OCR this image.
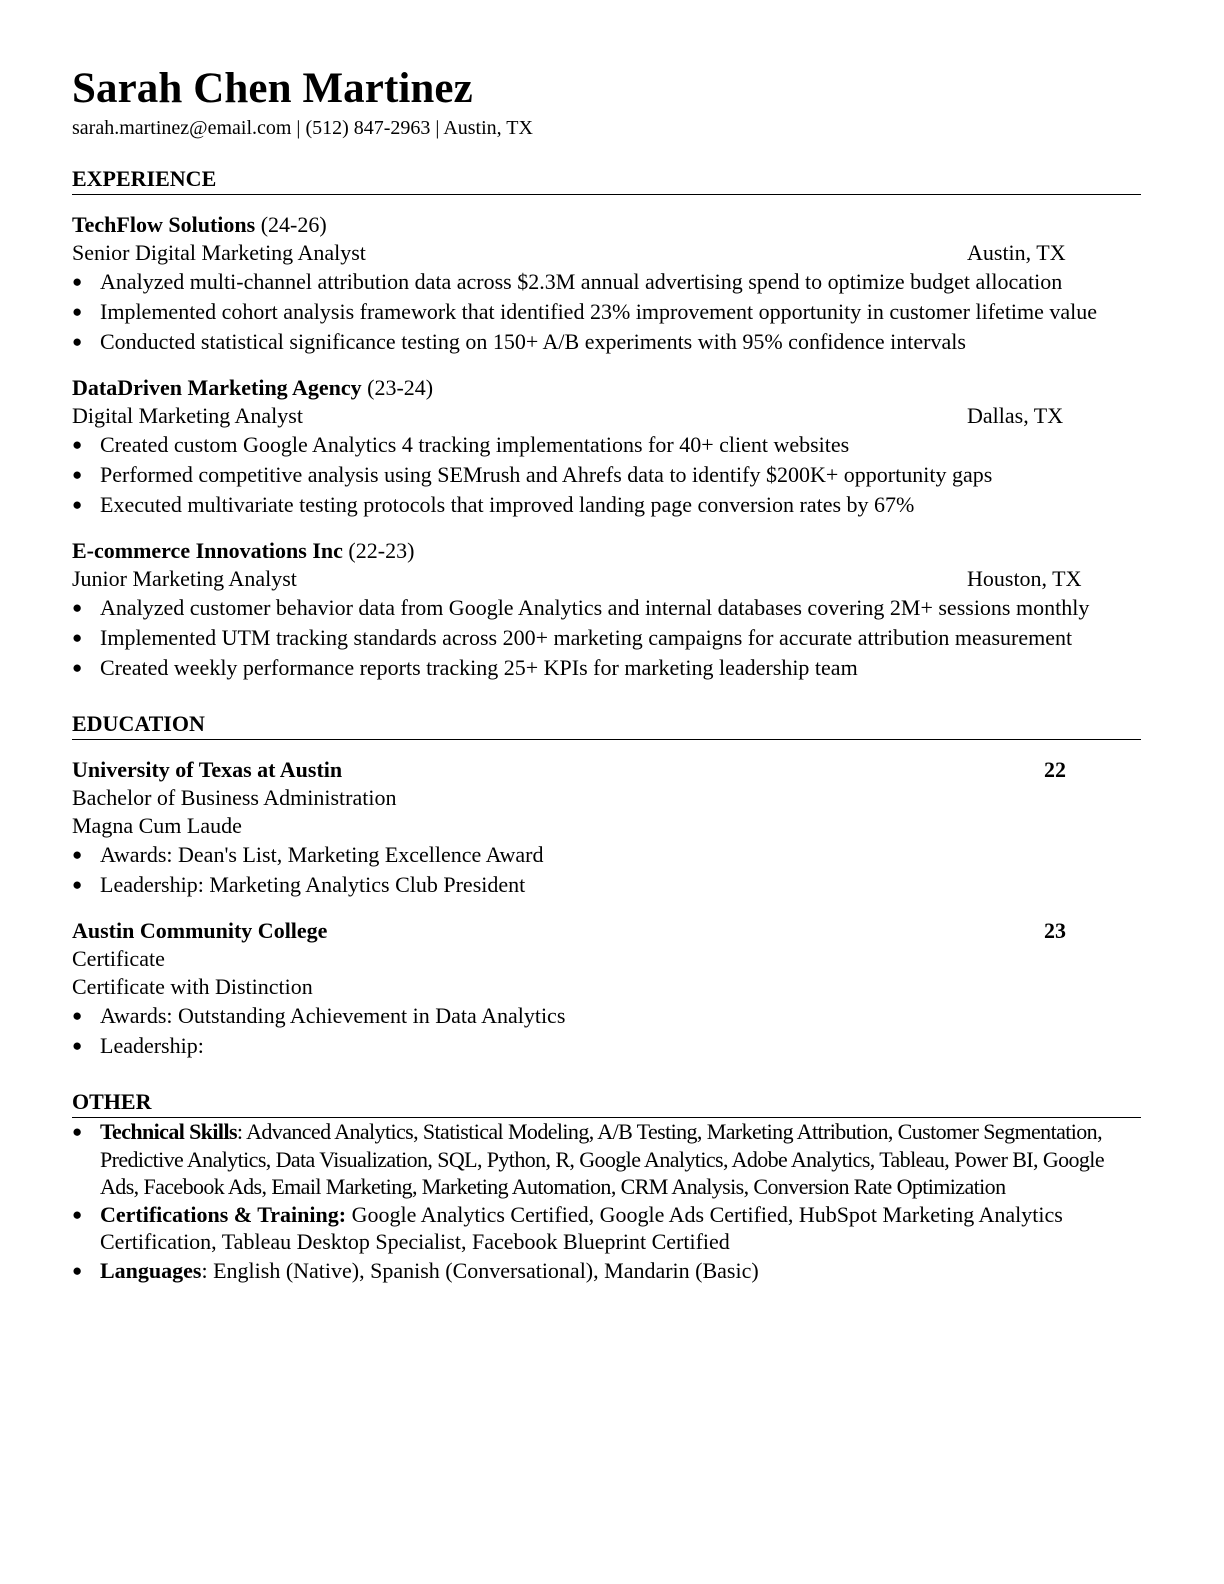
Sarah Chen Martinez
sarah.martinez@email.com | (512) 847-2963 | Austin, TX
EXPERIENCE
TechFlow Solutions (24-26)
Senior Digital Marketing Analyst	Austin, TX
● Analyzed multi-channel attribution data across $2.3M annual advertising spend to optimize budget allocation
● Implemented cohort analysis framework that identified 23% improvement opportunity in customer lifetime value
● Conducted statistical significance testing on 150+ A/B experiments with 95% confidence intervals
DataDriven Marketing Agency (23-24)
Digital Marketing Analyst	Dallas, TX
● Created custom Google Analytics 4 tracking implementations for 40+ client websites
● Performed competitive analysis using SEMrush and Ahrefs data to identify $200K+ opportunity gaps
● Executed multivariate testing protocols that improved landing page conversion rates by 67%
E-commerce Innovations Inc (22-23)
Junior Marketing Analyst	Houston, TX
● Analyzed customer behavior data from Google Analytics and internal databases covering 2M+ sessions monthly
● Implemented UTM tracking standards across 200+ marketing campaigns for accurate attribution measurement
● Created weekly performance reports tracking 25+ KPIs for marketing leadership team
EDUCATION
University of Texas at Austin	22
Bachelor of Business Administration
Magna Cum Laude
● Awards: Dean's List, Marketing Excellence Award
● Leadership: Marketing Analytics Club President
Austin Community College	23
Certificate
Certificate with Distinction
● Awards: Outstanding Achievement in Data Analytics
● Leadership:
OTHER
● Technical Skills: Advanced Analytics, Statistical Modeling, A/B Testing, Marketing Attribution, Customer Segmentation, Predictive Analytics, Data Visualization, SQL, Python, R, Google Analytics, Adobe Analytics, Tableau, Power BI, Google Ads, Facebook Ads, Email Marketing, Marketing Automation, CRM Analysis, Conversion Rate Optimization
● Certifications & Training: Google Analytics Certified, Google Ads Certified, HubSpot Marketing Analytics Certification, Tableau Desktop Specialist, Facebook Blueprint Certified
● Languages: English (Native), Spanish (Conversational), Mandarin (Basic)
